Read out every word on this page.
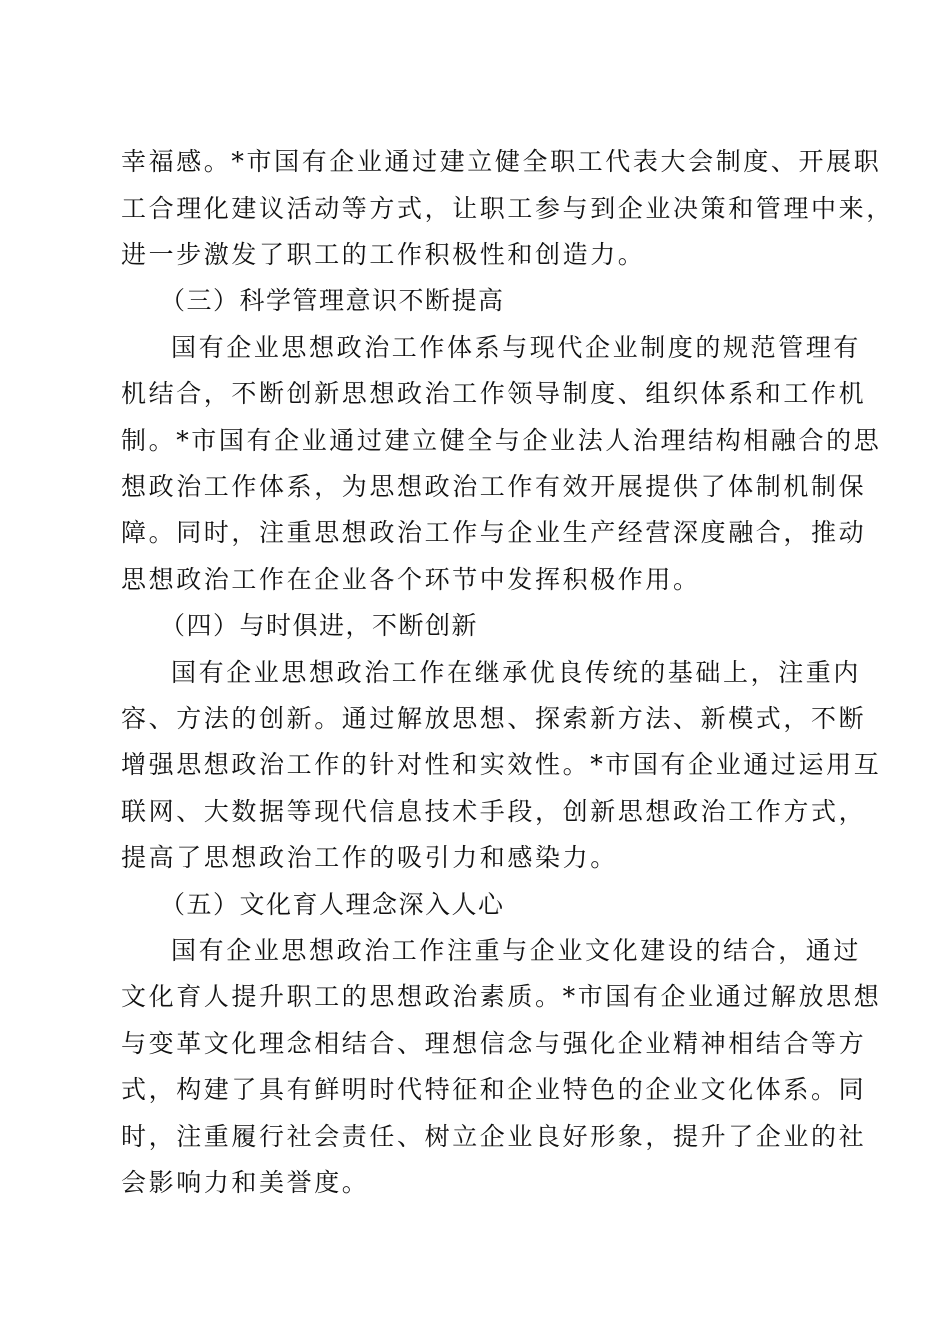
幸福感。*市国有企业通过建立健全职工代表大会制度、开展职
工合理化建议活动等方式，让职工参与到企业决策和管理中来，
进一步激发了职工的工作积极性和创造力。
（三）科学管理意识不断提高
国有企业思想政治工作体系与现代企业制度的规范管理有
机结合，不断创新思想政治工作领导制度、组织体系和工作机
制。*市国有企业通过建立健全与企业法人治理结构相融合的思
想政治工作体系，为思想政治工作有效开展提供了体制机制保
障。同时，注重思想政治工作与企业生产经营深度融合，推动
思想政治工作在企业各个环节中发挥积极作用。
（四）与时俱进，不断创新
国有企业思想政治工作在继承优良传统的基础上，注重内
容、方法的创新。通过解放思想、探索新方法、新模式，不断
增强思想政治工作的针对性和实效性。*市国有企业通过运用互
联网、大数据等现代信息技术手段，创新思想政治工作方式，
提高了思想政治工作的吸引力和感染力。
（五）文化育人理念深入人心
国有企业思想政治工作注重与企业文化建设的结合，通过
文化育人提升职工的思想政治素质。*市国有企业通过解放思想
与变革文化理念相结合、理想信念与强化企业精神相结合等方
式，构建了具有鲜明时代特征和企业特色的企业文化体系。同
时，注重履行社会责任、树立企业良好形象，提升了企业的社
会影响力和美誉度。
